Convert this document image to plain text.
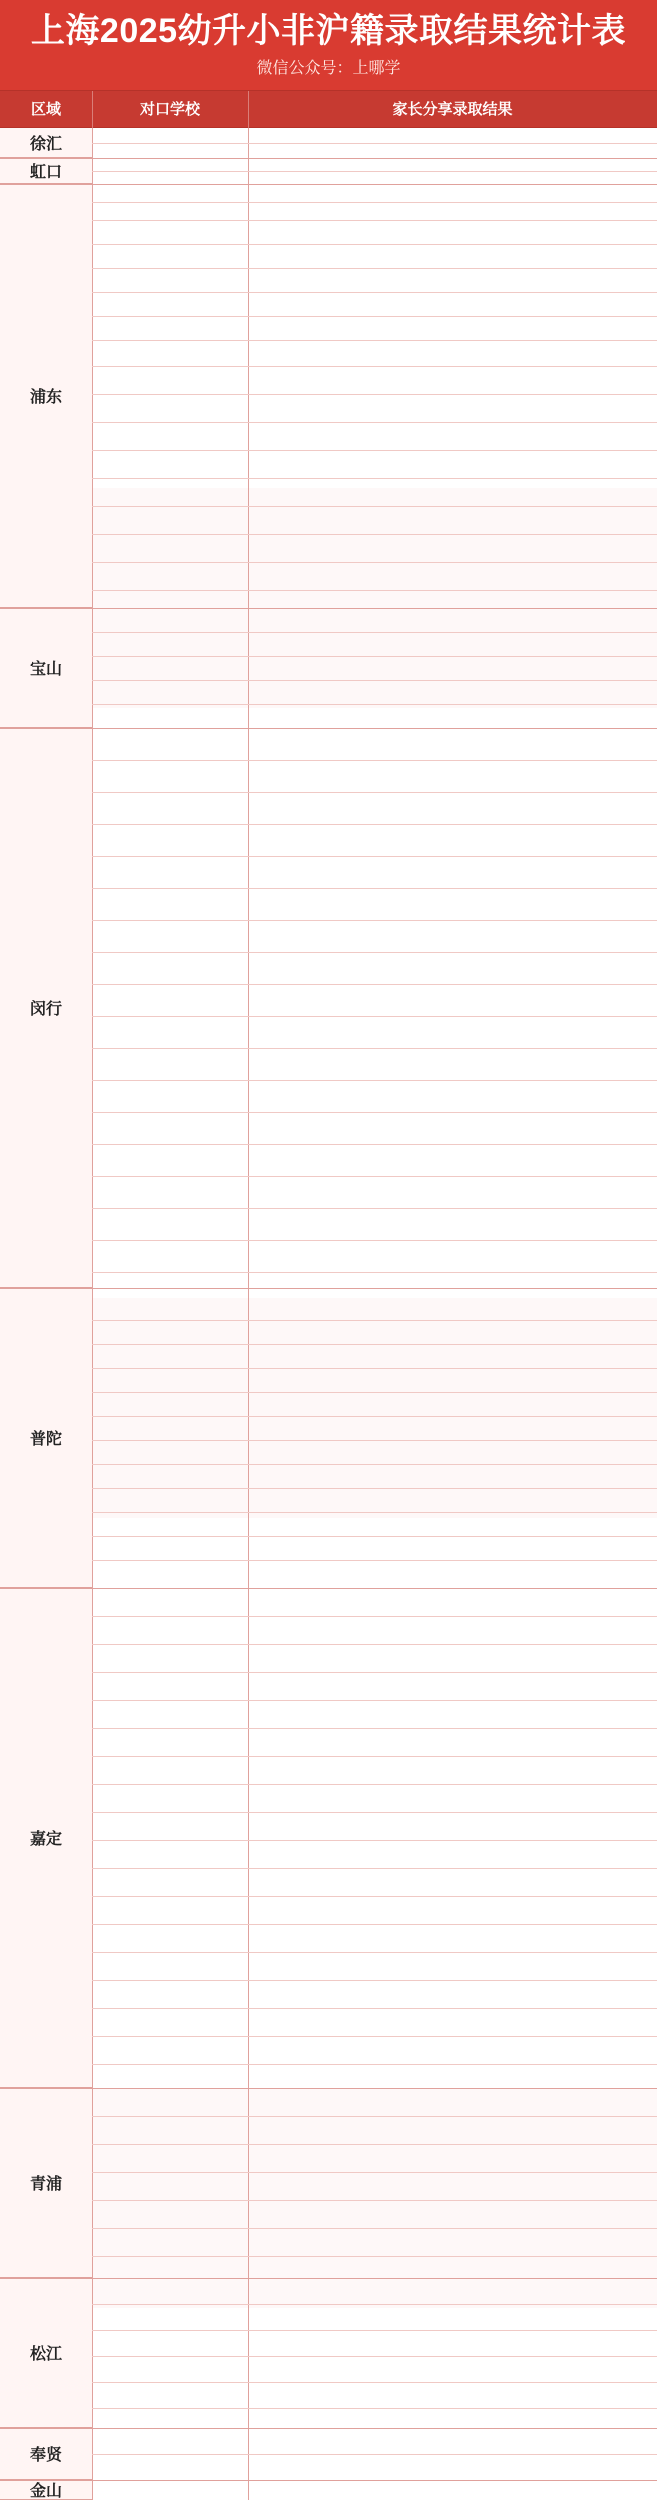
上海2025幼升小非沪籍录取结果统计表
微信公众号：上哪学
区域	对口学校	家长分享录取结果
徐汇
虹口
浦东
宝山
闵行
普陀
嘉定
青浦
松江
奉贤
金山
